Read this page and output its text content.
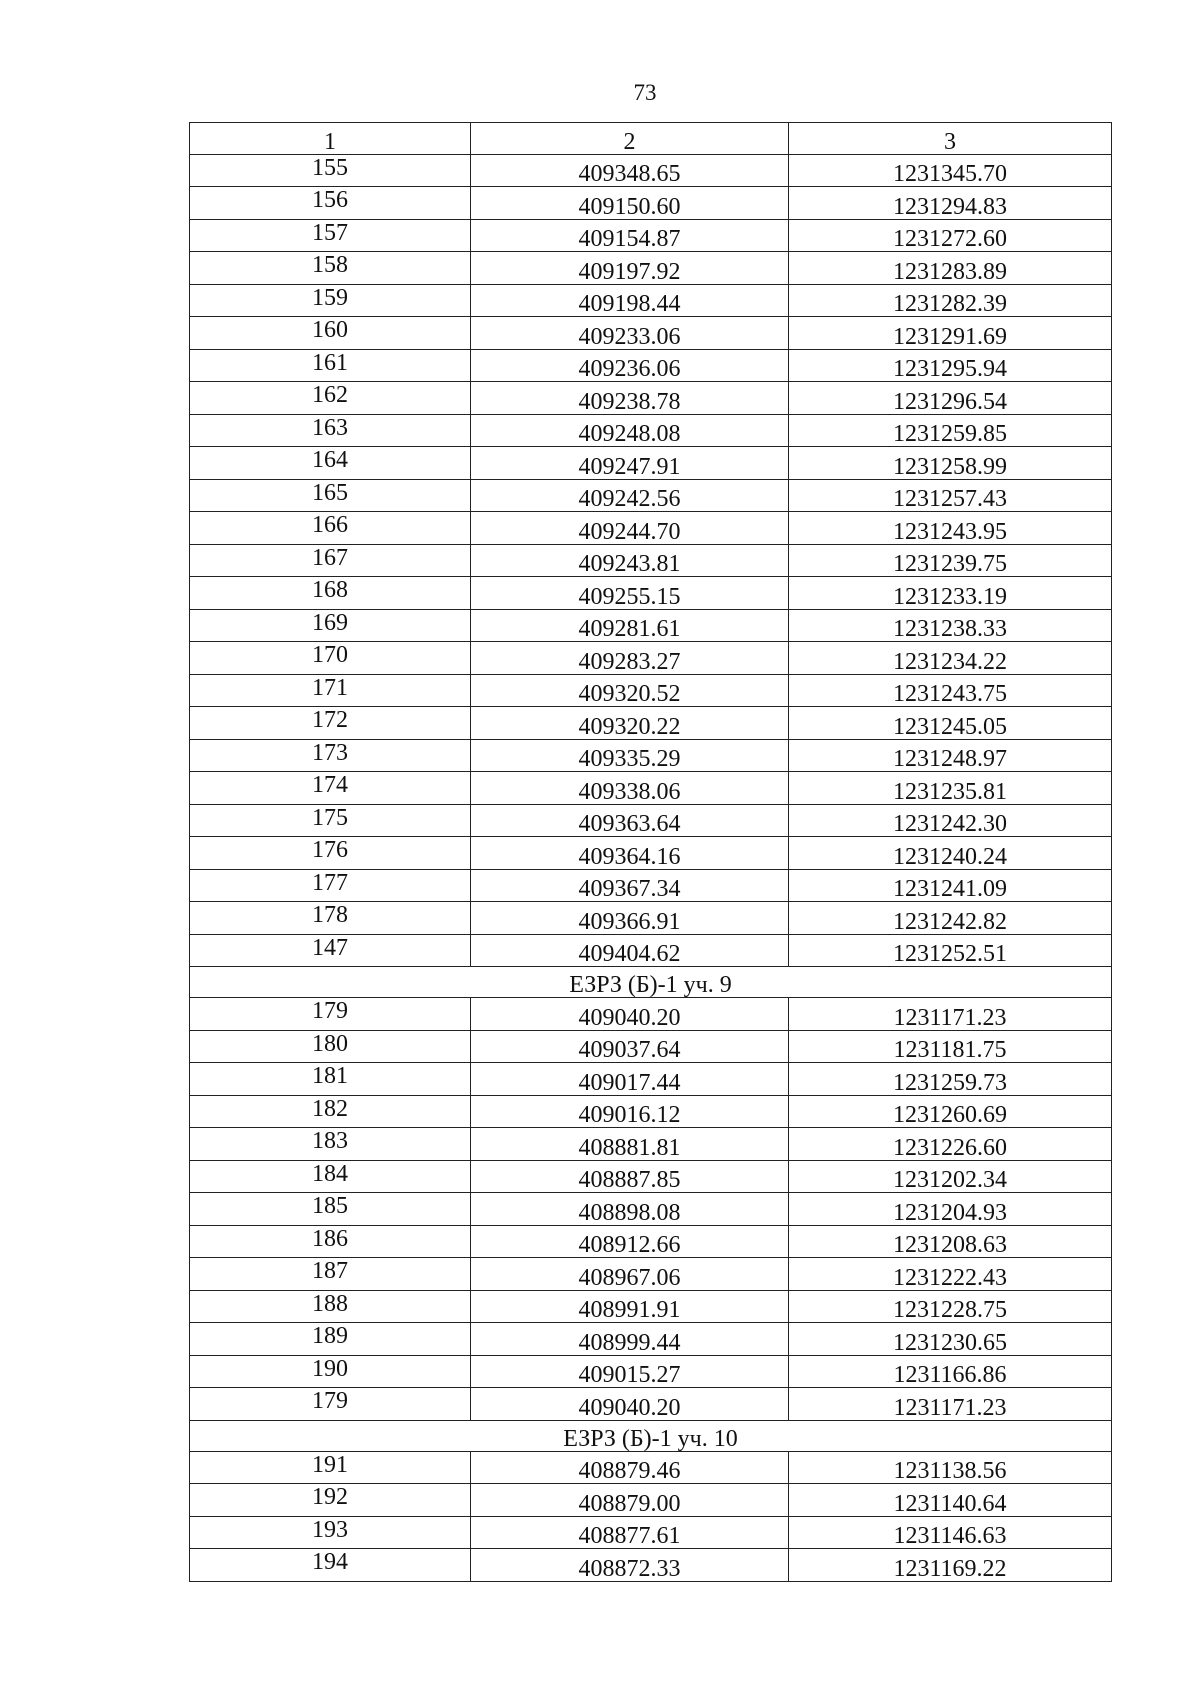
73
1	2	3
155	409348.65	1231345.70
156	409150.60	1231294.83
157	409154.87	1231272.60
158	409197.92	1231283.89
159	409198.44	1231282.39
160	409233.06	1231291.69
161	409236.06	1231295.94
162	409238.78	1231296.54
163	409248.08	1231259.85
164	409247.91	1231258.99
165	409242.56	1231257.43
166	409244.70	1231243.95
167	409243.81	1231239.75
168	409255.15	1231233.19
169	409281.61	1231238.33
170	409283.27	1231234.22
171	409320.52	1231243.75
172	409320.22	1231245.05
173	409335.29	1231248.97
174	409338.06	1231235.81
175	409363.64	1231242.30
176	409364.16	1231240.24
177	409367.34	1231241.09
178	409366.91	1231242.82
147	409404.62	1231252.51
ЕЗРЗ (Б)-1 уч. 9		
179	409040.20	1231171.23
180	409037.64	1231181.75
181	409017.44	1231259.73
182	409016.12	1231260.69
183	408881.81	1231226.60
184	408887.85	1231202.34
185	408898.08	1231204.93
186	408912.66	1231208.63
187	408967.06	1231222.43
188	408991.91	1231228.75
189	408999.44	1231230.65
190	409015.27	1231166.86
179	409040.20	1231171.23
ЕЗРЗ (Б)-1 уч. 10		
191	408879.46	1231138.56
192	408879.00	1231140.64
193	408877.61	1231146.63
194	408872.33	1231169.22
